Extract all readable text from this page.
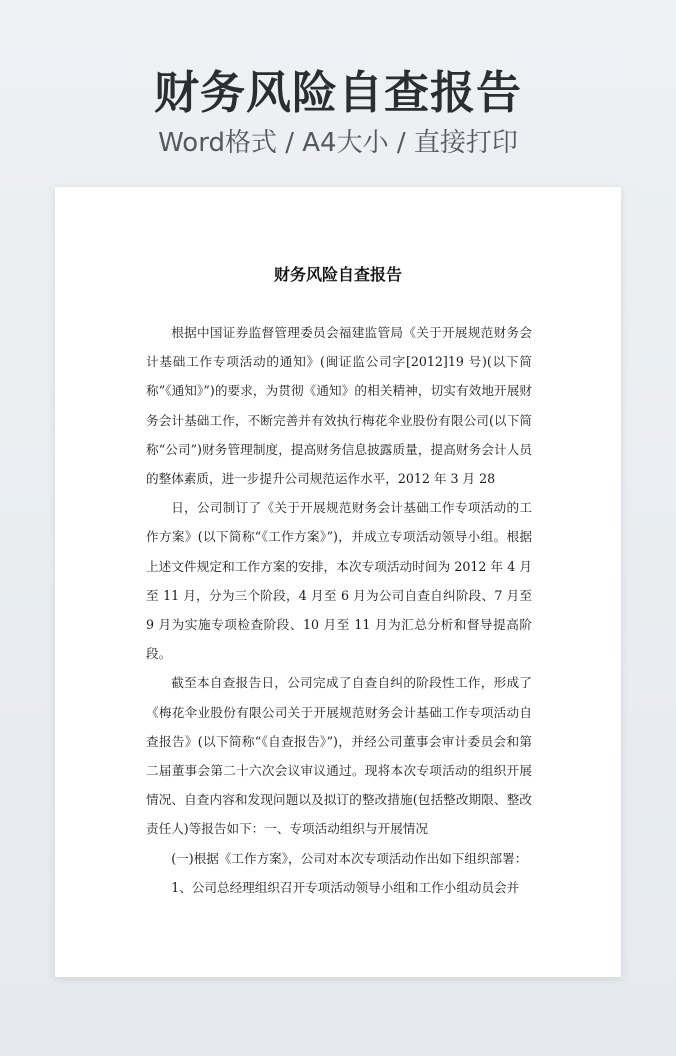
财务风险自查报告
Word格式 / A4大小 / 直接打印
财务风险自查报告

根据中国证券监督管理委员会福建监管局《关于开展规范财务会计基础工作专项活动的通知》(闽证监公司字[2012]19 号)(以下简称”《通知》”)的要求，为贯彻《通知》的相关精神，切实有效地开展财务会计基础工作，不断完善并有效执行梅花伞业股份有限公司(以下简称“公司”)财务管理制度，提高财务信息披露质量，提高财务会计人员的整体素质，进一步提升公司规范运作水平，2012 年 3 月 28

日，公司制订了《关于开展规范财务会计基础工作专项活动的工作方案》(以下简称“《工作方案》”)，并成立专项活动领导小组。根据上述文件规定和工作方案的安排，本次专项活动时间为 2012 年 4 月至 11 月，分为三个阶段，4 月至 6 月为公司自查自纠阶段、7 月至 9 月为实施专项检查阶段、10 月至 11 月为汇总分析和督导提高阶段。

截至本自查报告日，公司完成了自查自纠的阶段性工作，形成了《梅花伞业股份有限公司关于开展规范财务会计基础工作专项活动自查报告》(以下简称“《自查报告》”)，并经公司董事会审计委员会和第二届董事会第二十六次会议审议通过。现将本次专项活动的组织开展情况、自查内容和发现问题以及拟订的整改措施(包括整改期限、整改责任人)等报告如下：一、专项活动组织与开展情况

(一)根据《工作方案》，公司对本次专项活动作出如下组织部署：

1、公司总经理组织召开专项活动领导小组和工作小组动员会并
